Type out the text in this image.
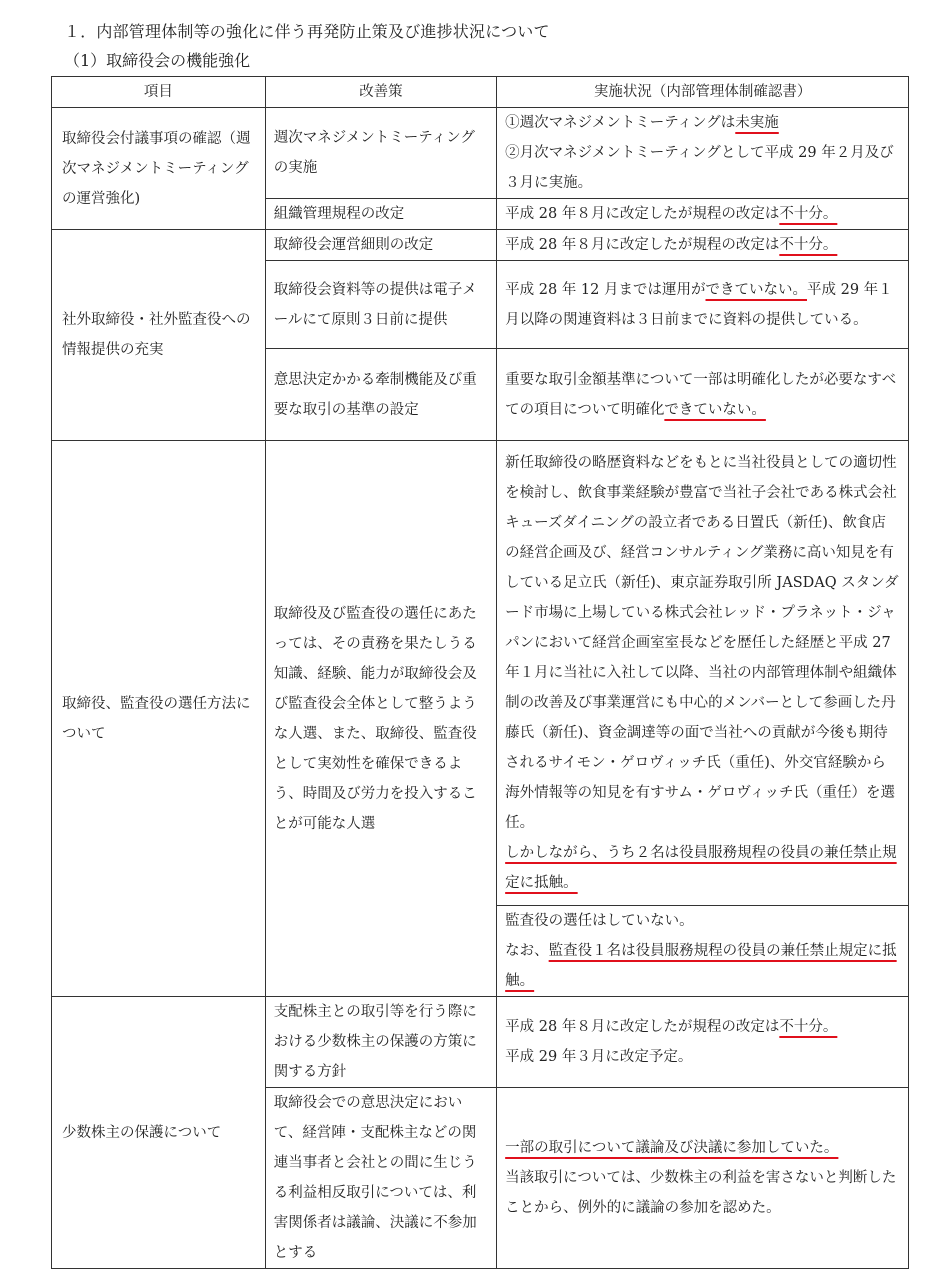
１．内部管理体制等の強化に伴う再発防止策及び進捗状況について
（1）取締役会の機能強化
項目	改善策	実施状況（内部管理体制確認書）
取締役会付議事項の確認（週次マネジメントミーティングの運営強化)	週次マネジメントミーティングの実施	①週次マネジメントミーティングは未実施
②月次マネジメントミーティングとして平成 29 年２月及び３月に実施。
	組織管理規程の改定	平成 28 年８月に改定したが規程の改定は不十分。
社外取締役・社外監査役への情報提供の充実	取締役会運営細則の改定	平成 28 年８月に改定したが規程の改定は不十分。
	取締役会資料等の提供は電子メールにて原則３日前に提供	平成 28 年 12 月までは運用ができていない。平成 29 年１月以降の関連資料は３日前までに資料の提供している。
	意思決定かかる牽制機能及び重要な取引の基準の設定	重要な取引金額基準について一部は明確化したが必要なすべての項目について明確化できていない。
取締役、監査役の選任方法について	取締役及び監査役の選任にあたっては、その責務を果たしうる知識、経験、能力が取締役会及び監査役会全体として整うような人選、また、取締役、監査役として実効性を確保できるよう、時間及び労力を投入することが可能な人選	新任取締役の略歴資料などをもとに当社役員としての適切性を検討し、飲食事業経験が豊富で当社子会社である株式会社キューズダイニングの設立者である日置氏（新任)、飲食店の経営企画及び、経営コンサルティング業務に高い知見を有している足立氏（新任)、東京証券取引所 JASDAQ スタンダード市場に上場している株式会社レッド・プラネット・ジャパンにおいて経営企画室室長などを歴任した経歴と平成 27 年１月に当社に入社して以降、当社の内部管理体制や組織体制の改善及び事業運営にも中心的メンバーとして参画した丹藤氏（新任)、資金調達等の面で当社への貢献が今後も期待されるサイモン・ゲロヴィッチ氏（重任)、外交官経験から海外情報等の知見を有すサム・ゲロヴィッチ氏（重任）を選任。
しかしながら、うち２名は役員服務規程の役員の兼任禁止規定に抵触。
		監査役の選任はしていない。
なお、監査役１名は役員服務規程の役員の兼任禁止規定に抵触。
少数株主の保護について	支配株主との取引等を行う際における少数株主の保護の方策に関する方針	平成 28 年８月に改定したが規程の改定は不十分。
平成 29 年３月に改定予定。
	取締役会での意思決定において、経営陣・支配株主などの関連当事者と会社との間に生じうる利益相反取引については、利害関係者は議論、決議に不参加とする	一部の取引について議論及び決議に参加していた。
当該取引については、少数株主の利益を害さないと判断したことから、例外的に議論の参加を認めた。
